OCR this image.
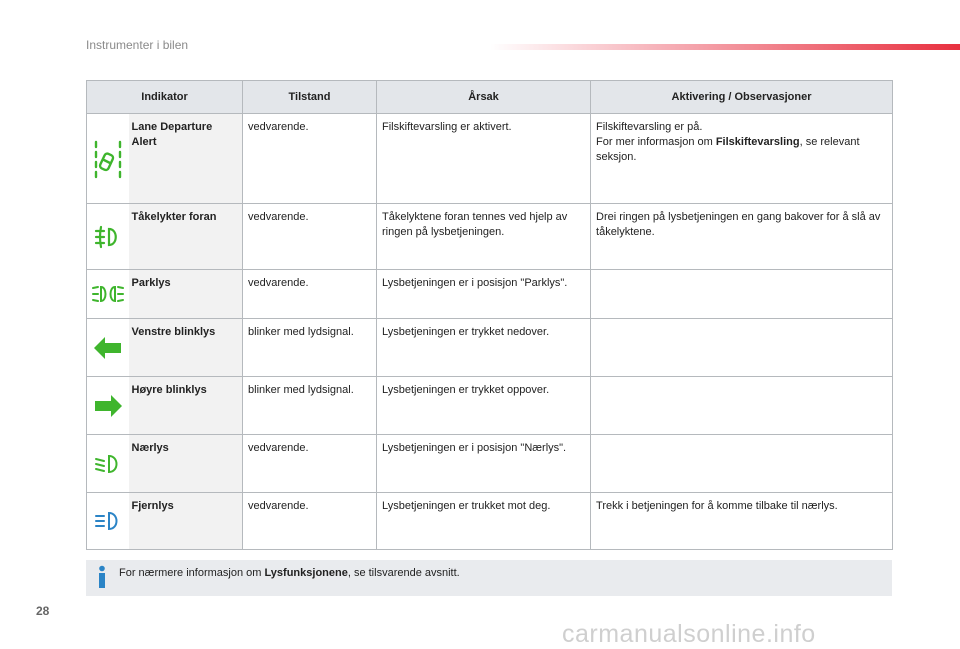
Instrumenter i bilen
Indikator		Tilstand	Årsak	Aktivering / Observasjoner
	Lane Departure Alert	vedvarende.	Filskiftevarsling er aktivert.	Filskiftevarsling er på.
For mer informasjon om Filskiftevarsling, se relevant seksjon.
	Tåkelykter foran	vedvarende.	Tåkelyktene foran tennes ved hjelp av ringen på lysbetjeningen.	Drei ringen på lysbetjeningen en gang bakover for å slå av tåkelyktene.

	Parklys	vedvarende.	Lysbetjeningen er i posisjon "Parklys".	
	Venstre blinklys	blinker med lydsignal.	Lysbetjeningen er trykket nedover.	
	Høyre blinklys	blinker med lydsignal.	Lysbetjeningen er trykket oppover.	
	Nærlys	vedvarende.	Lysbetjeningen er i posisjon "Nærlys".	
	Fjernlys	vedvarende.	Lysbetjeningen er trukket mot deg.	Trekk i betjeningen for å komme tilbake til nærlys.
For nærmere informasjon om Lysfunksjonene, se tilsvarende avsnitt.
28
carmanualsonline.info
